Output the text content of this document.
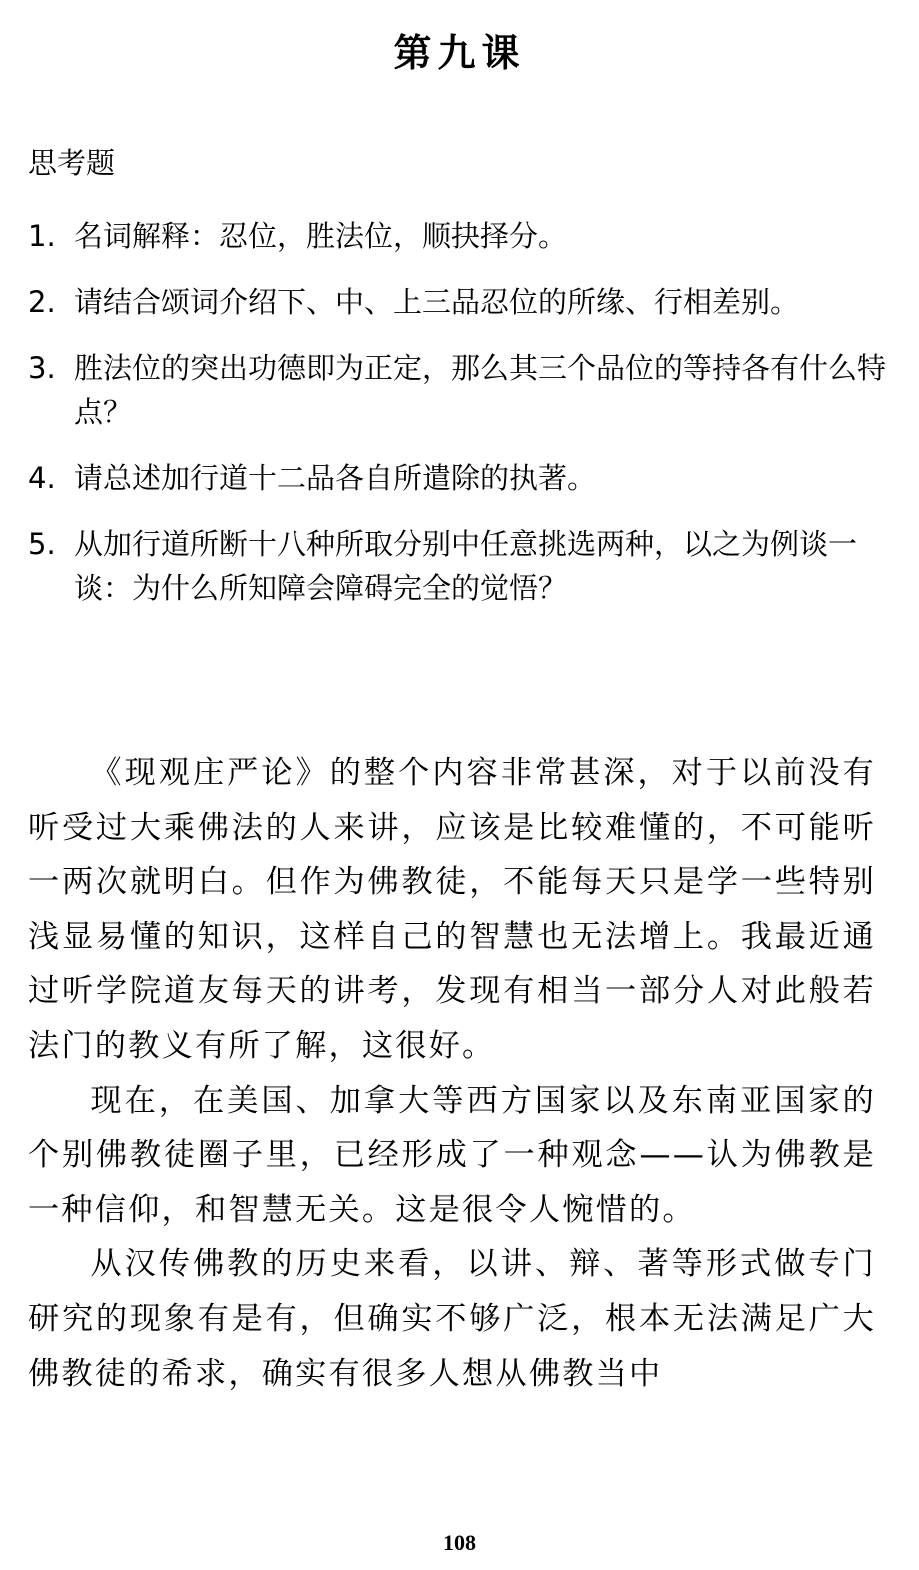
第九课
思考题
1. 名词解释：忍位，胜法位，顺抉择分。
2. 请结合颂词介绍下、中、上三品忍位的所缘、行相差别。
3. 胜法位的突出功德即为正定，那么其三个品位的等持各有什么特点？
4. 请总述加行道十二品各自所遣除的执著。
5. 从加行道所断十八种所取分别中任意挑选两种，以之为例谈一谈：为什么所知障会障碍完全的觉悟？

《现观庄严论》的整个内容非常甚深，对于以前没有听受过大乘佛法的人来讲，应该是比较难懂的，不可能听一两次就明白。但作为佛教徒，不能每天只是学一些特别浅显易懂的知识，这样自己的智慧也无法增上。我最近通过听学院道友每天的讲考，发现有相当一部分人对此般若法门的教义有所了解，这很好。

现在，在美国、加拿大等西方国家以及东南亚国家的个别佛教徒圈子里，已经形成了一种观念——认为佛教是一种信仰，和智慧无关。这是很令人惋惜的。

从汉传佛教的历史来看，以讲、辩、著等形式做专门研究的现象有是有，但确实不够广泛，根本无法满足广大佛教徒的希求，确实有很多人想从佛教当中

108
